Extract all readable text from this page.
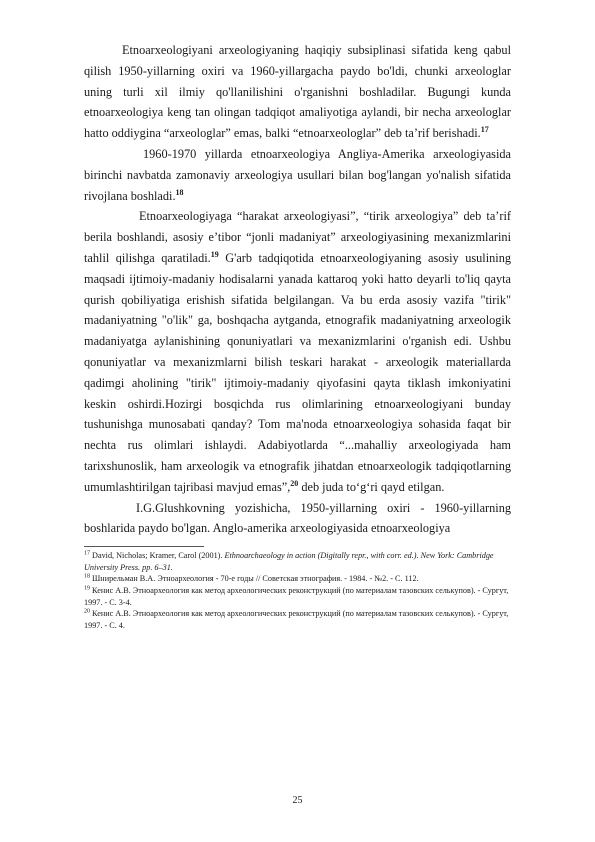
Etnoarxeologiyani arxeologiyaning haqiqiy subsiplinasi sifatida keng qabul qilish 1950-yillarning oxiri va 1960-yillargacha paydo bo'ldi, chunki arxeologlar uning turli xil ilmiy qo'llanilishini o'rganishni boshladilar. Bugungi kunda etnoarxeologiya keng tan olingan tadqiqot amaliyotiga aylandi, bir necha arxeologlar hatto oddiygina “arxeologlar” emas, balki “etnoarxeologlar” deb ta’rif berishadi.$^{17}$

1960-1970 yillarda etnoarxeologiya Angliya-Amerika arxeologiyasida birinchi navbatda zamonaviy arxeologiya usullari bilan bog'langan yo'nalish sifatida rivojlana boshladi.$^{18}$

Etnoarxeologiyaga “harakat arxeologiyasi”, “tirik arxeologiya” deb ta’rif berila boshlandi, asosiy e’tibor “jonli madaniyat” arxeologiyasining mexanizmlarini tahlil qilishga qaratiladi.$^{19}$ G'arb tadqiqotida etnoarxeologiyaning asosiy usulining maqsadi ijtimoiy-madaniy hodisalarni yanada kattaroq yoki hatto deyarli to'liq qayta qurish qobiliyatiga erishish sifatida belgilangan. Va bu erda asosiy vazifa "tirik" madaniyatning "o'lik" ga, boshqacha aytganda, etnografik madaniyatning arxeologik madaniyatga aylanishining qonuniyatlari va mexanizmlarini o'rganish edi. Ushbu qonuniyatlar va mexanizmlarni bilish teskari harakat - arxeologik materiallarda qadimgi aholining "tirik" ijtimoiy-madaniy qiyofasini qayta tiklash imkoniyatini keskin oshirdi.Hozirgi bosqichda rus olimlarining etnoarxeologiyani bunday tushunishga munosabati qanday? Tom ma'noda etnoarxeologiya sohasida faqat bir nechta rus olimlari ishlaydi. Adabiyotlarda “...mahalliy arxeologiyada ham tarixshunoslik, ham arxeologik va etnografik jihatdan etnoarxeologik tadqiqotlarning umumlashtirilgan tajribasi mavjud emas”,$^{20}$ deb juda to‘g‘ri qayd etilgan.

I.G.Glushkovning yozishicha, 1950-yillarning oxiri - 1960-yillarning boshlarida paydo bo'lgan. Anglo-amerika arxeologiyasida etnoarxeologiya

$^{17}$ David, Nicholas; Kramer, Carol (2001). Ethnoarchaeology in action (Digitally repr., with corr. ed.). New York: Cambridge University Press. pp. 6–31.

$^{18}$ Шнирельман В.А. Этноархеология - 70-е годы // Советская этнография. - 1984. - №2. - С. 112.

$^{19}$ Кенис А.В. Этноархеология как метод археологических реконструкций (по материалам тазовских селькупов). - Сургут, 1997. - С. 3-4.

$^{20}$ Кенис А.В. Этноархеология как метод археологических реконструкций (по материалам тазовских селькупов). - Сургут, 1997. - С. 4.

25
